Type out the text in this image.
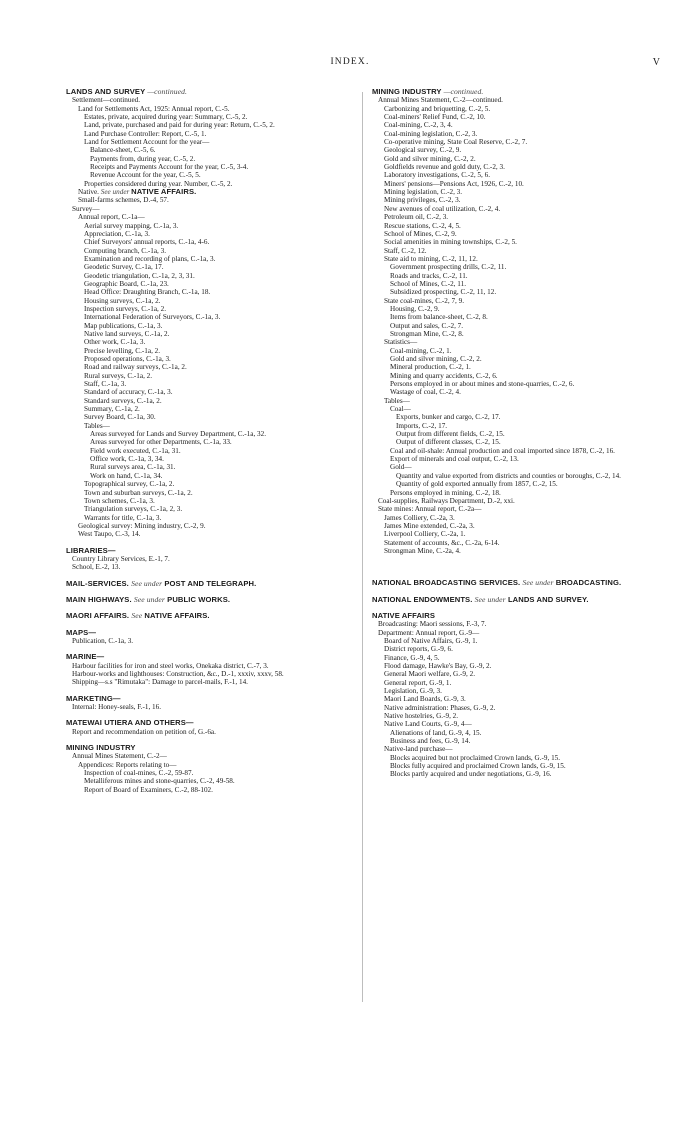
INDEX.	V
LANDS AND SURVEY —continued.
Settlement—continued.
Land for Settlements Act, 1925: Annual report, C.-5.
Estates, private, acquired during year: Summary, C.-5, 2.
Land, private, purchased and paid for during year: Return, C.-5, 2.
Land Purchase Controller: Report, C.-5, 1.
Land for Settlement Account for the year—
Balance-sheet, C.-5, 6.
Payments from, during year, C.-5, 2.
Receipts and Payments Account for the year, C.-5, 3-4.
Revenue Account for the year, C.-5, 5.
Properties considered during year. Number, C.-5, 2.
Native. See under NATIVE AFFAIRS.
Small-farms schemes, D.-4, 57.
Survey—
Annual report, C.-1a—
Aerial survey mapping, C.-1a, 3.
Appreciation, C.-1a, 3.
Chief Surveyors' annual reports, C.-1a, 4-6.
Computing branch, C.-1a, 3.
Examination and recording of plans, C.-1a, 3.
Geodetic Survey, C.-1a, 17.
Geodetic triangulation, C.-1a, 2, 3, 31.
Geographic Board, C.-1a, 23.
Head Office: Draughting Branch, C.-1a, 18.
Housing surveys, C.-1a, 2.
Inspection surveys, C.-1a, 2.
International Federation of Surveyors, C.-1a, 3.
Map publications, C.-1a, 3.
Native land surveys, C.-1a, 2.
Other work, C.-1a, 3.
Precise levelling, C.-1a, 2.
Proposed operations, C.-1a, 3.
Road and railway surveys, C.-1a, 2.
Rural surveys, C.-1a, 2.
Staff, C.-1a, 3.
Standard of accuracy, C.-1a, 3.
Standard surveys, C.-1a, 2.
Summary, C.-1a, 2.
Survey Board, C.-1a, 30.
Tables—
Areas surveyed for Lands and Survey Department, C.-1a, 32.
Areas surveyed for other Departments, C.-1a, 33.
Field work executed, C.-1a, 31.
Office work, C.-1a, 3, 34.
Rural surveys area, C.-1a, 31.
Work on hand, C.-1a, 34.
Topographical survey, C.-1a, 2.
Town and suburban surveys, C.-1a, 2.
Town schemes, C.-1a, 3.
Triangulation surveys, C.-1a, 2, 3.
Warrants for title, C.-1a, 3.
Geological survey: Mining industry, C.-2, 9.
West Taupo, C.-3, 14.
LIBRARIES—
Country Library Services, E.-1, 7.
School, E.-2, 13.
MAIL-SERVICES. See under POST AND TELEGRAPH.
MAIN HIGHWAYS. See under PUBLIC WORKS.
MAORI AFFAIRS. See NATIVE AFFAIRS.
MAPS—
Publication, C.-1a, 3.
MARINE—
Harbour facilities for iron and steel works, Onekaka district, C.-7, 3.
Harbour-works and lighthouses: Construction, &c., D.-1, xxxiv, xxxv, 58.
Shipping—s.s "Rimutaka": Damage to parcel-mails, F.-1, 14.
MARKETING—
Internal: Honey-seals, F.-1, 16.
MATEWAI UTIERA AND OTHERS—
Report and recommendation on petition of, G.-6a.
MINING INDUSTRY
Annual Mines Statement, C.-2—
Appendices: Reports relating to—
Inspection of coal-mines, C.-2, 59-87.
Metalliferous mines and stone-quarries, C.-2, 49-58.
Report of Board of Examiners, C.-2, 88-102.
MINING INDUSTRY —continued.
Annual Mines Statement, C.-2—continued.
Carbonizing and briquetting, C.-2, 5.
Coal-miners' Relief Fund, C.-2, 10.
Coal-mining, C.-2, 3, 4.
Coal-mining legislation, C.-2, 3.
Co-operative mining, State Coal Reserve, C.-2, 7.
Geological survey, C.-2, 9.
Gold and silver mining, C.-2, 2.
Goldfields revenue and gold duty, C.-2, 3.
Laboratory investigations, C.-2, 5, 6.
Miners' pensions—Pensions Act, 1926, C.-2, 10.
Mining legislation, C.-2, 3.
Mining privileges, C.-2, 3.
New avenues of coal utilization, C.-2, 4.
Petroleum oil, C.-2, 3.
Rescue stations, C.-2, 4, 5.
School of Mines, C.-2, 9.
Social amenities in mining townships, C.-2, 5.
Staff, C.-2, 12.
State aid to mining, C.-2, 11, 12.
Government prospecting drills, C.-2, 11.
Roads and tracks, C.-2, 11.
School of Mines, C.-2, 11.
Subsidized prospecting, C.-2, 11, 12.
State coal-mines, C.-2, 7, 9.
Housing, C.-2, 9.
Items from balance-sheet, C.-2, 8.
Output and sales, C.-2, 7.
Strongman Mine, C.-2, 8.
Statistics—
Coal-mining, C.-2, 1.
Gold and silver mining, C.-2, 2.
Mineral production, C.-2, 1.
Mining and quarry accidents, C.-2, 6.
Persons employed in or about mines and stone-quarries, C.-2, 6.
Wastage of coal, C.-2, 4.
Tables—
Coal—
Exports, bunker and cargo, C.-2, 17.
Imports, C.-2, 17.
Output from different fields, C.-2, 15.
Output of different classes, C.-2, 15.
Coal and oil-shale: Annual production and coal imported since 1878, C.-2, 16.
Export of minerals and coal output, C.-2, 13.
Gold—
Quantity and value exported from districts and counties or boroughs, C.-2, 14.
Quantity of gold exported annually from 1857, C.-2, 15.
Persons employed in mining, C.-2, 18.
Coal-supplies, Railways Department, D.-2, xxi.
State mines: Annual report, C.-2a—
James Colliery, C.-2a, 3.
James Mine extended, C.-2a, 3.
Liverpool Colliery, C.-2a, 1.
Statement of accounts, &c., C.-2a, 6-14.
Strongman Mine, C.-2a, 4.
NATIONAL BROADCASTING SERVICES. See under BROADCASTING.
NATIONAL ENDOWMENTS. See under LANDS AND SURVEY.
NATIVE AFFAIRS
Broadcasting: Maori sessions, F.-3, 7.
Department: Annual report, G.-9—
Board of Native Affairs, G.-9, 1.
District reports, G.-9, 6.
Finance, G.-9, 4, 5.
Flood damage, Hawke's Bay, G.-9, 2.
General Maori welfare, G.-9, 2.
General report, G.-9, 1.
Legislation, G.-9, 3.
Maori Land Boards, G.-9, 3.
Native administration: Phases, G.-9, 2.
Native hostelries, G.-9, 2.
Native Land Courts, G.-9, 4—
Alienations of land, G.-9, 4, 15.
Business and fees, G.-9, 14.
Native-land purchase—
Blocks acquired but not proclaimed Crown lands, G.-9, 15.
Blocks fully acquired and proclaimed Crown lands, G.-9, 15.
Blocks partly acquired and under negotiations, G.-9, 16.
